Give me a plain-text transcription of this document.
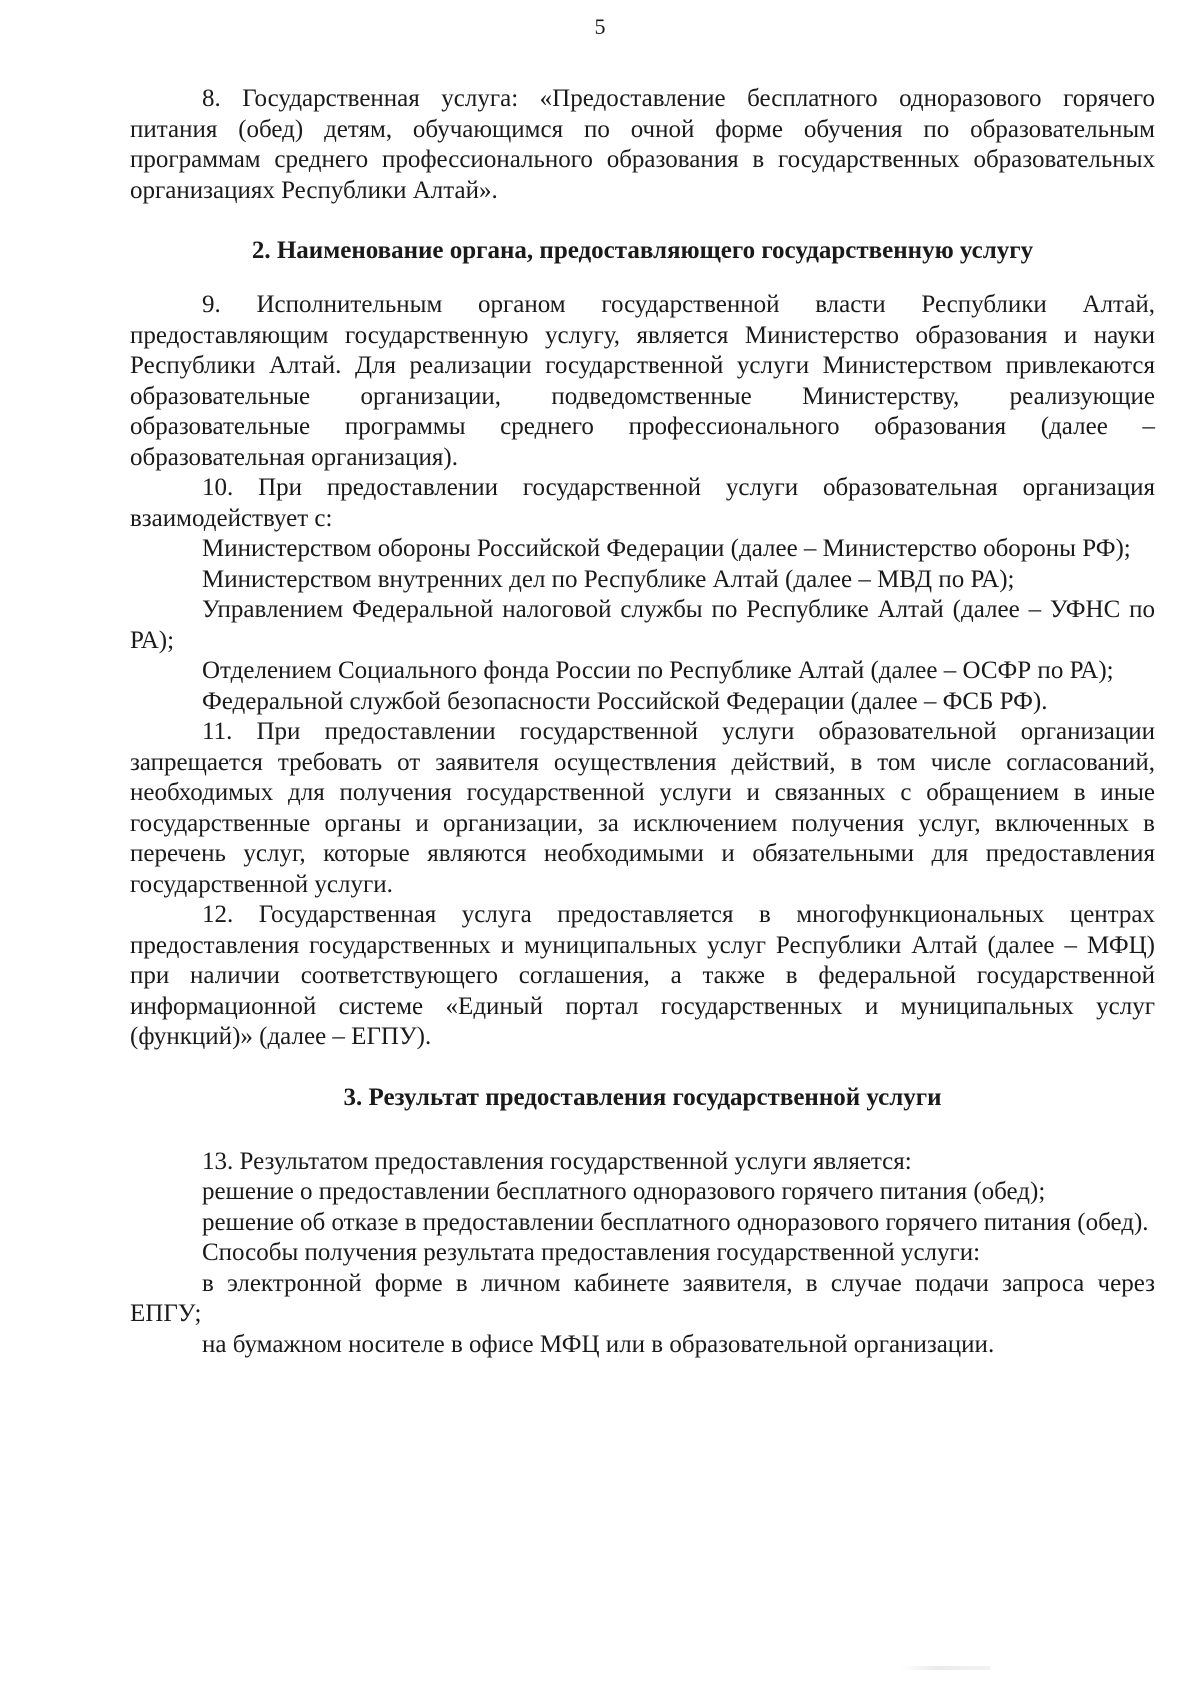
5

8. Государственная услуга: «Предоставление бесплатного одноразового горячего питания (обед) детям, обучающимся по очной форме обучения по образовательным программам среднего профессионального образования в государственных образовательных организациях Республики Алтай».

2. Наименование органа, предоставляющего государственную услугу

9. Исполнительным органом государственной власти Республики Алтай, предоставляющим государственную услугу, является Министерство образования и науки Республики Алтай. Для реализации государственной услуги Министерством привлекаются образовательные организации, подведомственные Министерству, реализующие образовательные программы среднего профессионального образования (далее – образовательная организация).

10. При предоставлении государственной услуги образовательная организация взаимодействует с:

Министерством обороны Российской Федерации (далее – Министерство обороны РФ);

Министерством внутренних дел по Республике Алтай (далее – МВД по РА);

Управлением Федеральной налоговой службы по Республике Алтай (далее – УФНС по РА);

Отделением Социального фонда России по Республике Алтай (далее – ОСФР по РА);

Федеральной службой безопасности Российской Федерации (далее – ФСБ РФ).

11. При предоставлении государственной услуги образовательной организации запрещается требовать от заявителя осуществления действий, в том числе согласований, необходимых для получения государственной услуги и связанных с обращением в иные государственные органы и организации, за исключением получения услуг, включенных в перечень услуг, которые являются необходимыми и обязательными для предоставления государственной услуги.

12. Государственная услуга предоставляется в многофункциональных центрах предоставления государственных и муниципальных услуг Республики Алтай (далее – МФЦ) при наличии соответствующего соглашения, а также в федеральной государственной информационной системе «Единый портал государственных и муниципальных услуг (функций)» (далее – ЕГПУ).

3. Результат предоставления государственной услуги

13. Результатом предоставления государственной услуги является:

решение о предоставлении бесплатного одноразового горячего питания (обед);

решение об отказе в предоставлении бесплатного одноразового горячего питания (обед).

Способы получения результата предоставления государственной услуги:

в электронной форме в личном кабинете заявителя, в случае подачи запроса через ЕПГУ;

на бумажном носителе в офисе МФЦ или в образовательной организации.
